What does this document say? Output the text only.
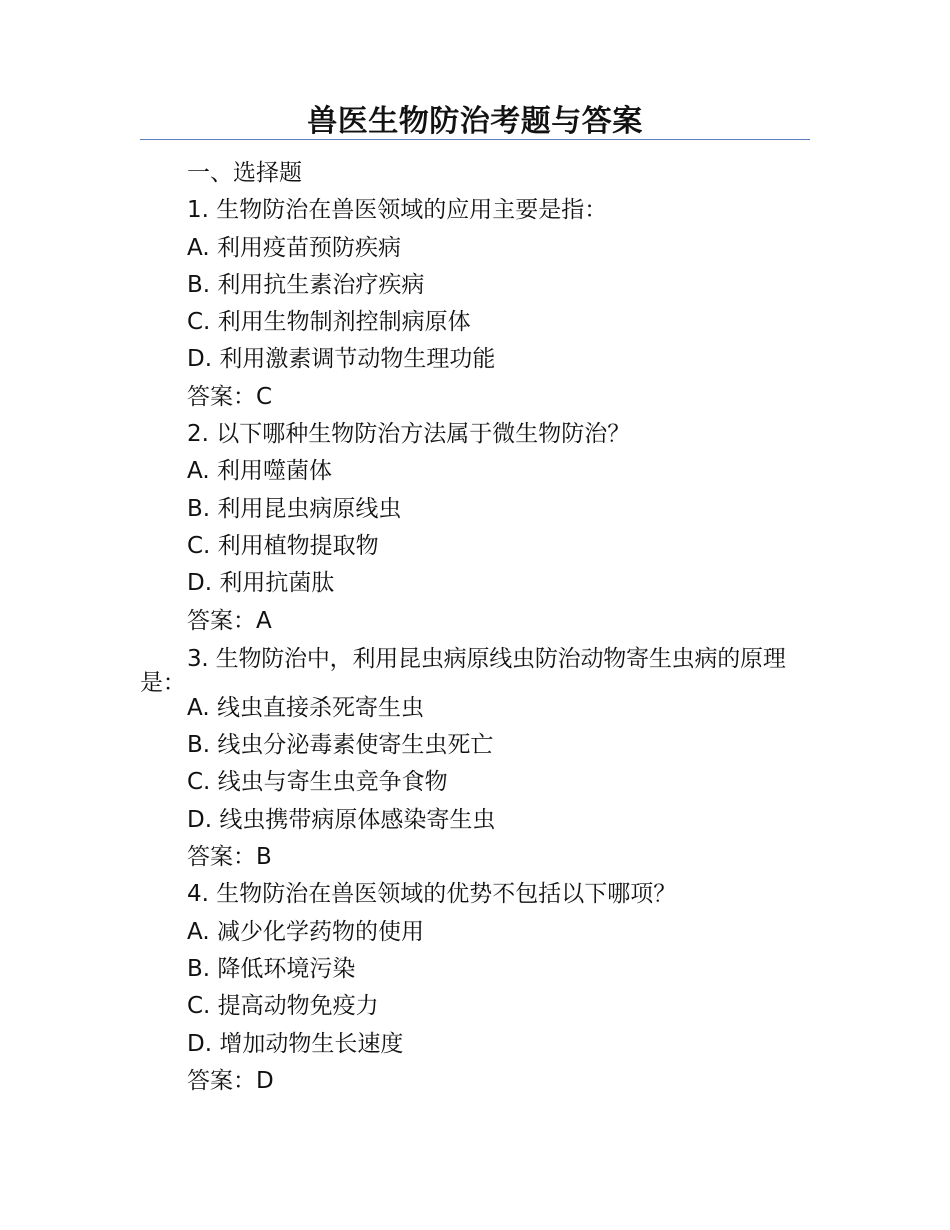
兽医生物防治考题与答案
一、选择题
1. 生物防治在兽医领域的应用主要是指：
A. 利用疫苗预防疾病
B. 利用抗生素治疗疾病
C. 利用生物制剂控制病原体
D. 利用激素调节动物生理功能
答案：C
2. 以下哪种生物防治方法属于微生物防治？
A. 利用噬菌体
B. 利用昆虫病原线虫
C. 利用植物提取物
D. 利用抗菌肽
答案：A
3. 生物防治中，利用昆虫病原线虫防治动物寄生虫病的原理是：
A. 线虫直接杀死寄生虫
B. 线虫分泌毒素使寄生虫死亡
C. 线虫与寄生虫竞争食物
D. 线虫携带病原体感染寄生虫
答案：B
4. 生物防治在兽医领域的优势不包括以下哪项？
A. 减少化学药物的使用
B. 降低环境污染
C. 提高动物免疫力
D. 增加动物生长速度
答案：D
